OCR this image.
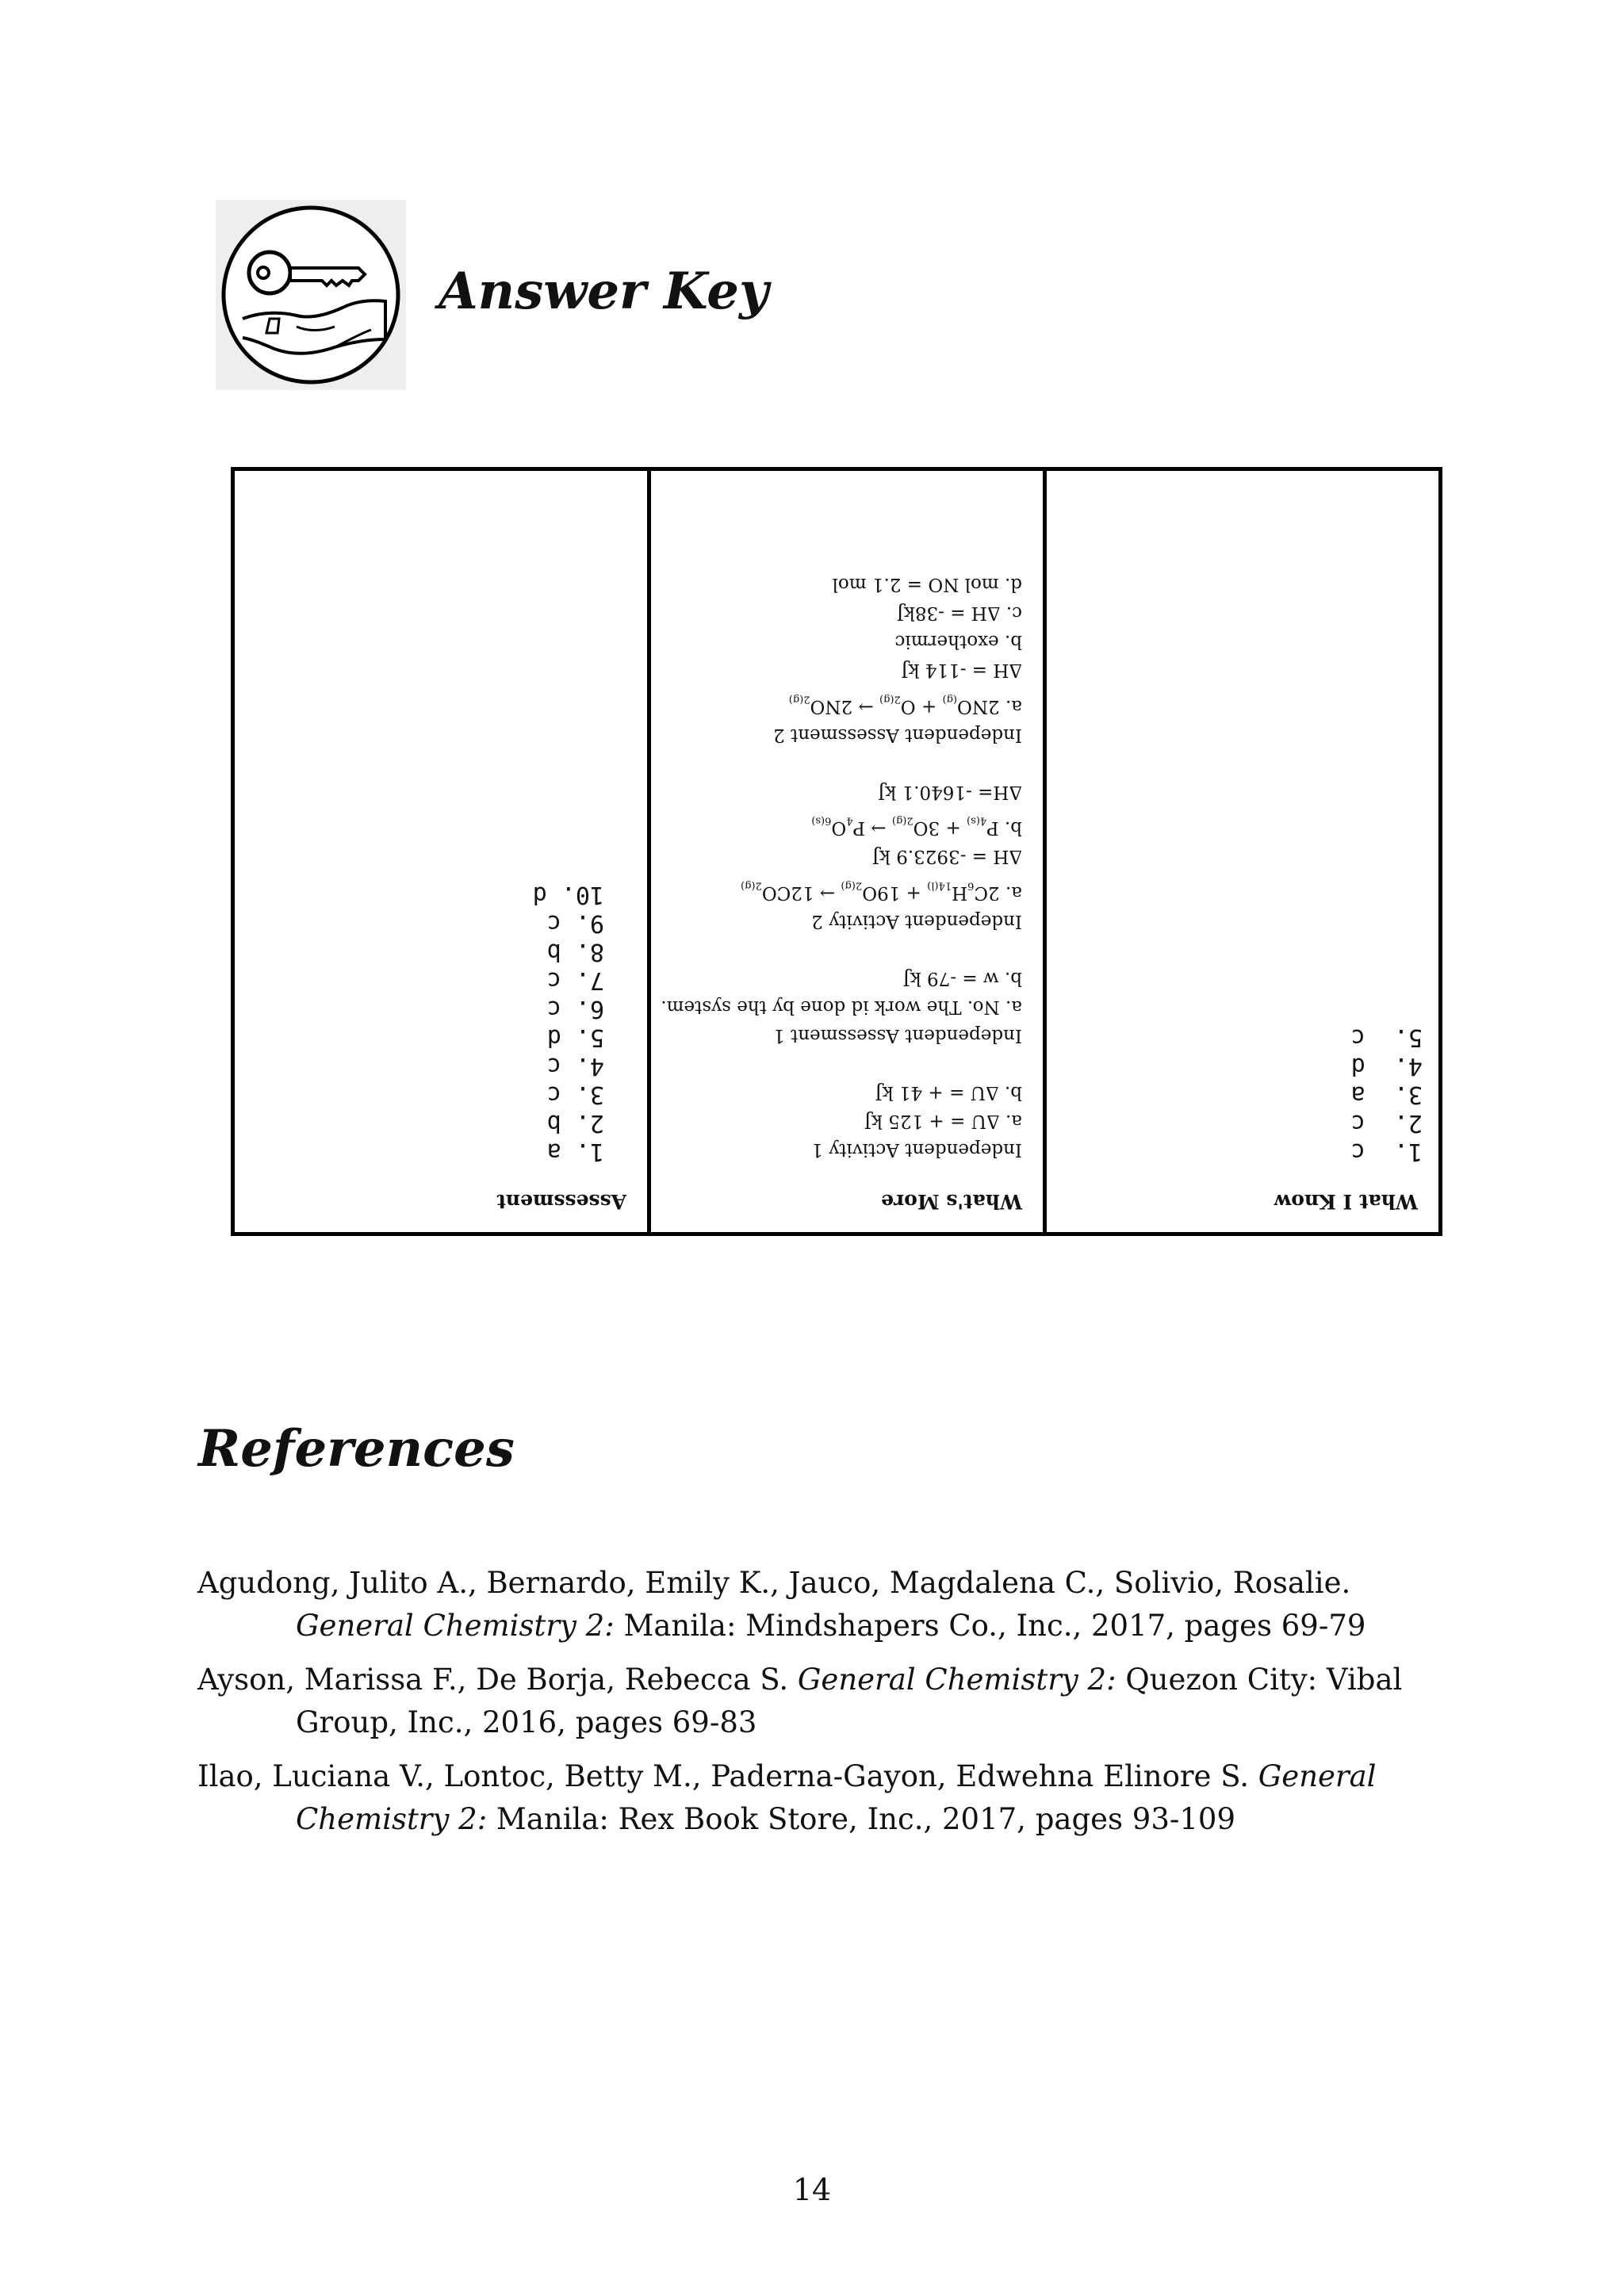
Answer Key
What I Know
1.  c
2.  c
3.  a
4.  d
5.  c
What's More
Independent Activity 1
a. ΔU = + 125 kJ
b. ΔU = + 41 kJ
Independent Assessment 1
a. No. The work id done by the system.
b. w = -79 kJ
Independent Activity 2
a. $2C_6H_{14(l)} + 19O_{2(g)} \to 12CO_{2(g)}$
ΔH = -3923.9 kJ
b. $P_{4(s)} + 3O_{2(g)} \to P_4O_{6(s)}$
ΔH= -1640.1 kJ
Independent Assessment 2
a. $2NO_{(g)} + O_{2(g)} \to 2NO_{2(g)}$
ΔH = -114 kJ
b. exothermic
c. ΔH = -38kJ
d. mol NO = 2.1 mol
Assessment
1. a
2. b
3. c
4. c
5. d
6. c
7. c
8. b
9. c
10. d
References
Agudong, Julito A., Bernardo, Emily K., Jauco, Magdalena C., Solivio, Rosalie. General Chemistry 2: Manila: Mindshapers Co., Inc., 2017, pages 69-79
Ayson, Marissa F., De Borja, Rebecca S. General Chemistry 2: Quezon City: Vibal Group, Inc., 2016, pages 69-83
Ilao, Luciana V., Lontoc, Betty M., Paderna-Gayon, Edwehna Elinore S. General Chemistry 2: Manila: Rex Book Store, Inc., 2017, pages 93-109
14
